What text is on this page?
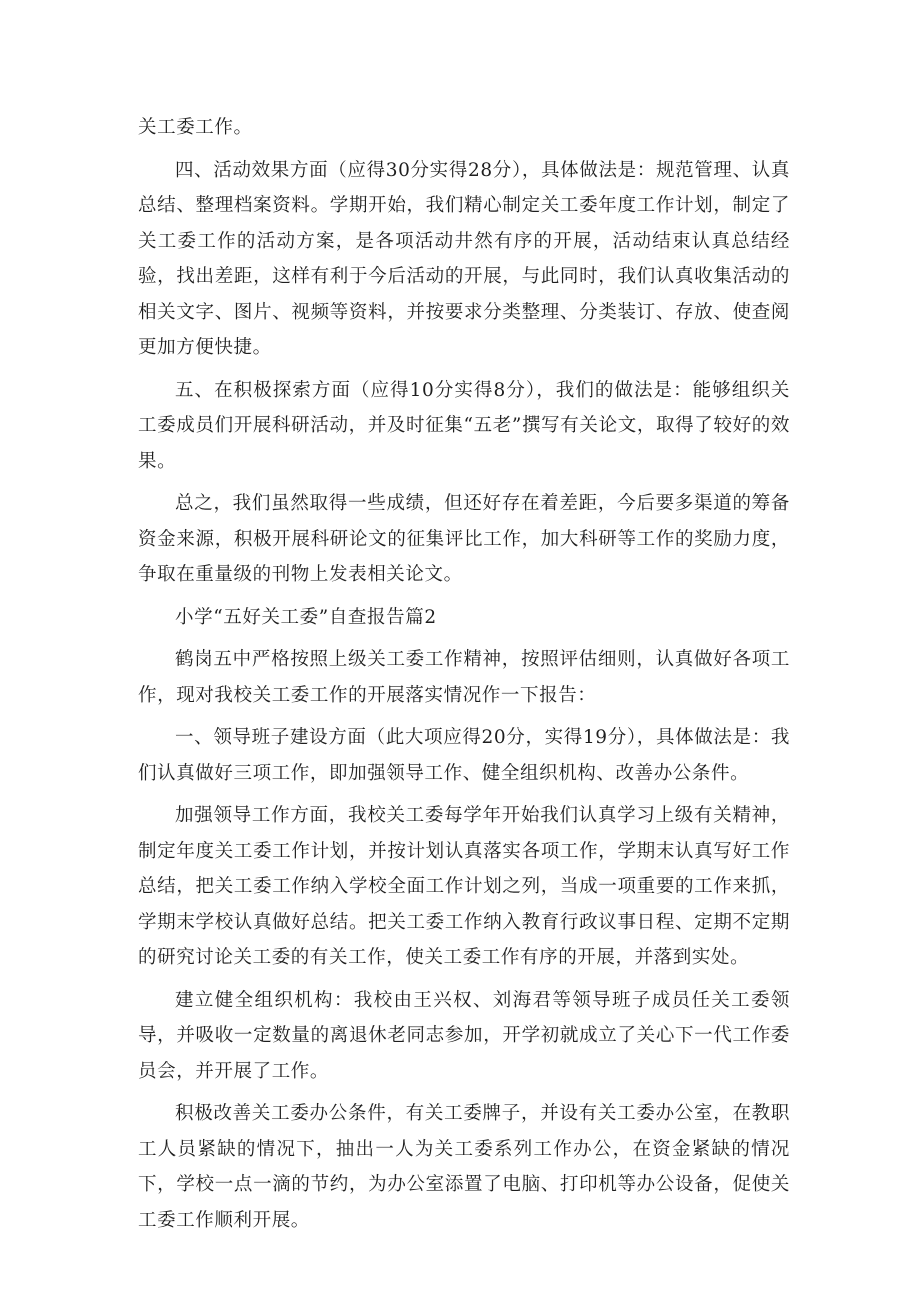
关工委工作。

四、活动效果方面（应得30分实得28分），具体做法是：规范管理、认真总结、整理档案资料。学期开始，我们精心制定关工委年度工作计划，制定了关工委工作的活动方案，是各项活动井然有序的开展，活动结束认真总结经验，找出差距，这样有利于今后活动的开展，与此同时，我们认真收集活动的相关文字、图片、视频等资料，并按要求分类整理、分类装订、存放、使查阅更加方便快捷。

五、在积极探索方面（应得10分实得8分），我们的做法是：能够组织关工委成员们开展科研活动，并及时征集“五老”撰写有关论文，取得了较好的效果。

总之，我们虽然取得一些成绩，但还好存在着差距，今后要多渠道的筹备资金来源，积极开展科研论文的征集评比工作，加大科研等工作的奖励力度，争取在重量级的刊物上发表相关论文。

小学“五好关工委”自查报告篇2

鹤岗五中严格按照上级关工委工作精神，按照评估细则，认真做好各项工作，现对我校关工委工作的开展落实情况作一下报告：

一、领导班子建设方面（此大项应得20分，实得19分），具体做法是：我们认真做好三项工作，即加强领导工作、健全组织机构、改善办公条件。

加强领导工作方面，我校关工委每学年开始我们认真学习上级有关精神，制定年度关工委工作计划，并按计划认真落实各项工作，学期末认真写好工作总结，把关工委工作纳入学校全面工作计划之列，当成一项重要的工作来抓，学期末学校认真做好总结。把关工委工作纳入教育行政议事日程、定期不定期的研究讨论关工委的有关工作，使关工委工作有序的开展，并落到实处。

建立健全组织机构：我校由王兴权、刘海君等领导班子成员任关工委领导，并吸收一定数量的离退休老同志参加，开学初就成立了关心下一代工作委员会，并开展了工作。

积极改善关工委办公条件，有关工委牌子，并设有关工委办公室，在教职工人员紧缺的情况下，抽出一人为关工委系列工作办公，在资金紧缺的情况下，学校一点一滴的节约，为办公室添置了电脑、打印机等办公设备，促使关工委工作顺利开展。
